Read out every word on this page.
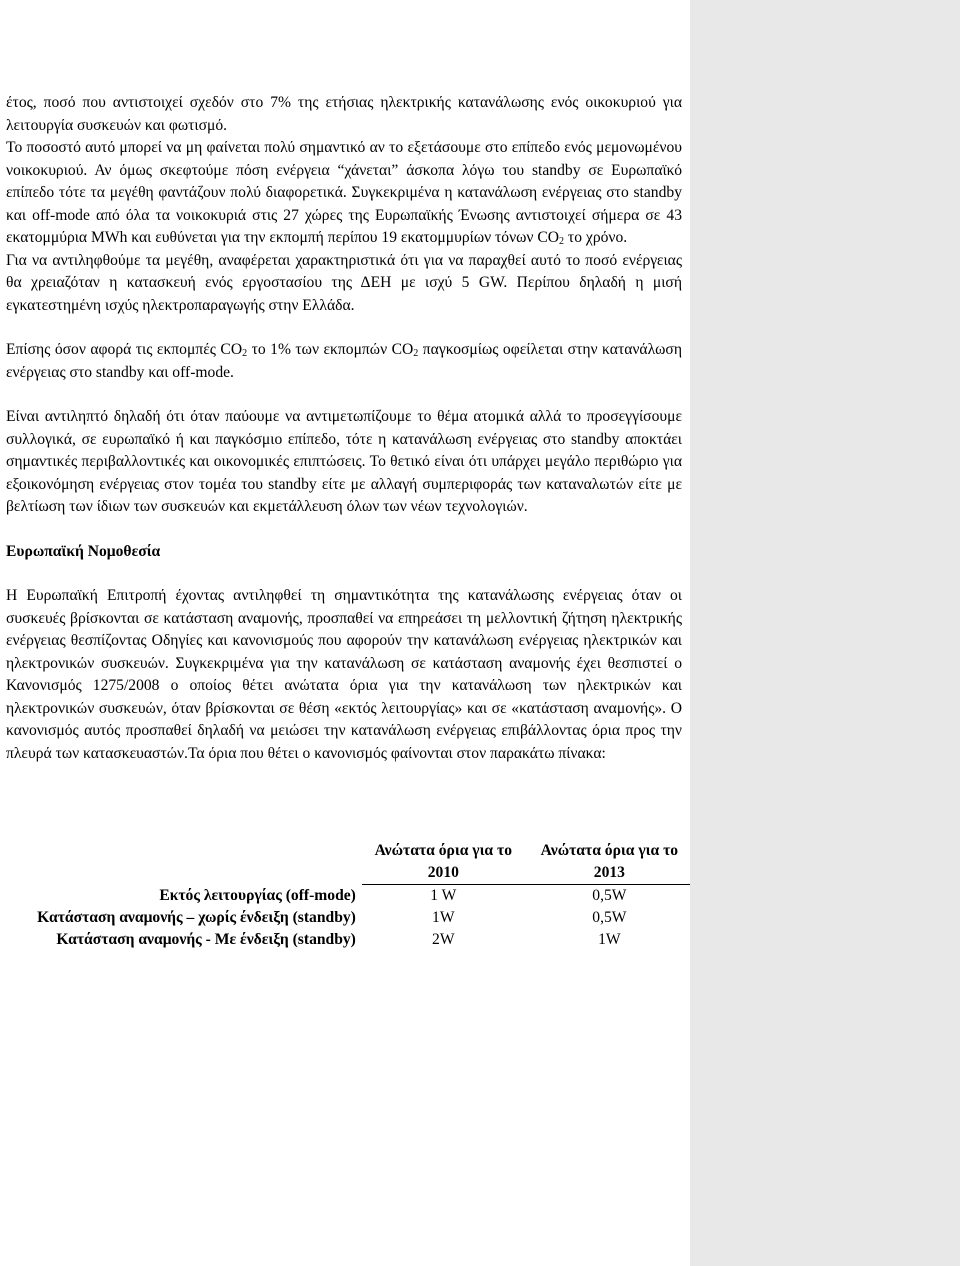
έτος, ποσό που αντιστοιχεί σχεδόν στο 7% της ετήσιας ηλεκτρικής κατανάλωσης ενός οικοκυριού για λειτουργία συσκευών και φωτισμό.

Το ποσοστό αυτό μπορεί να μη φαίνεται πολύ σημαντικό αν το εξετάσουμε στο επίπεδο ενός μεμονωμένου νοικοκυριού. Αν όμως σκεφτούμε πόση ενέργεια “χάνεται” άσκοπα λόγω του standby σε Ευρωπαϊκό επίπεδο τότε τα μεγέθη φαντάζουν πολύ διαφορετικά. Συγκεκριμένα η κατανάλωση ενέργειας στο standby και off-mode από όλα τα νοικοκυριά στις 27 χώρες της Ευρωπαϊκής Ένωσης αντιστοιχεί σήμερα σε 43 εκατομμύρια MWh και ευθύνεται για την εκπομπή περίπου 19 εκατομμυρίων τόνων $CO_2$ το χρόνο.

Για να αντιληφθούμε τα μεγέθη, αναφέρεται χαρακτηριστικά ότι για να παραχθεί αυτό το ποσό ενέργειας θα χρειαζόταν η κατασκευή ενός εργοστασίου της ΔΕΗ με ισχύ 5 GW. Περίπου δηλαδή η μισή εγκατεστημένη ισχύς ηλεκτροπαραγωγής στην Ελλάδα.

Επίσης όσον αφορά τις εκπομπές $CO_2$ το 1% των εκπομπών $CO_2$ παγκοσμίως οφείλεται στην κατανάλωση ενέργειας στο standby και off-mode.

Είναι αντιληπτό δηλαδή ότι όταν παύουμε να αντιμετωπίζουμε το θέμα ατομικά αλλά το προσεγγίσουμε συλλογικά, σε ευρωπαϊκό ή και παγκόσμιο επίπεδο, τότε η κατανάλωση ενέργειας στο standby αποκτάει σημαντικές περιβαλλοντικές και οικονομικές επιπτώσεις. Το θετικό είναι ότι υπάρχει μεγάλο περιθώριο για εξοικονόμηση ενέργειας στον τομέα του standby είτε με αλλαγή συμπεριφοράς των καταναλωτών είτε με βελτίωση των ίδιων των συσκευών και εκμετάλλευση όλων των νέων τεχνολογιών.

Ευρωπαϊκή Νομοθεσία

Η Ευρωπαϊκή Επιτροπή έχοντας αντιληφθεί τη σημαντικότητα της κατανάλωσης ενέργειας όταν οι συσκευές βρίσκονται σε κατάσταση αναμονής, προσπαθεί να επηρεάσει τη μελλοντική ζήτηση ηλεκτρικής ενέργειας θεσπίζοντας Οδηγίες και κανονισμούς που αφορούν την κατανάλωση ενέργειας ηλεκτρικών και ηλεκτρονικών συσκευών. Συγκεκριμένα για την κατανάλωση σε κατάσταση αναμονής έχει θεσπιστεί ο Κανονισμός 1275/2008 ο οποίος θέτει ανώτατα όρια για την κατανάλωση των ηλεκτρικών και ηλεκτρονικών συσκευών, όταν βρίσκονται σε θέση «εκτός λειτουργίας» και σε «κατάσταση αναμονής». Ο κανονισμός αυτός προσπαθεί δηλαδή να μειώσει την κατανάλωση ενέργειας επιβάλλοντας όρια προς την πλευρά των κατασκευαστών.Τα όρια που θέτει ο κανονισμός φαίνονται στον παρακάτω πίνακα:

	Ανώτατα όρια για το 2010	Ανώτατα όρια για το 2013
Εκτός λειτουργίας (off-mode)	1 W	0,5W
Κατάσταση αναμονής – χωρίς ένδειξη (standby)	1W	0,5W
Κατάσταση αναμονής - Με ένδειξη (standby)	2W	1W
